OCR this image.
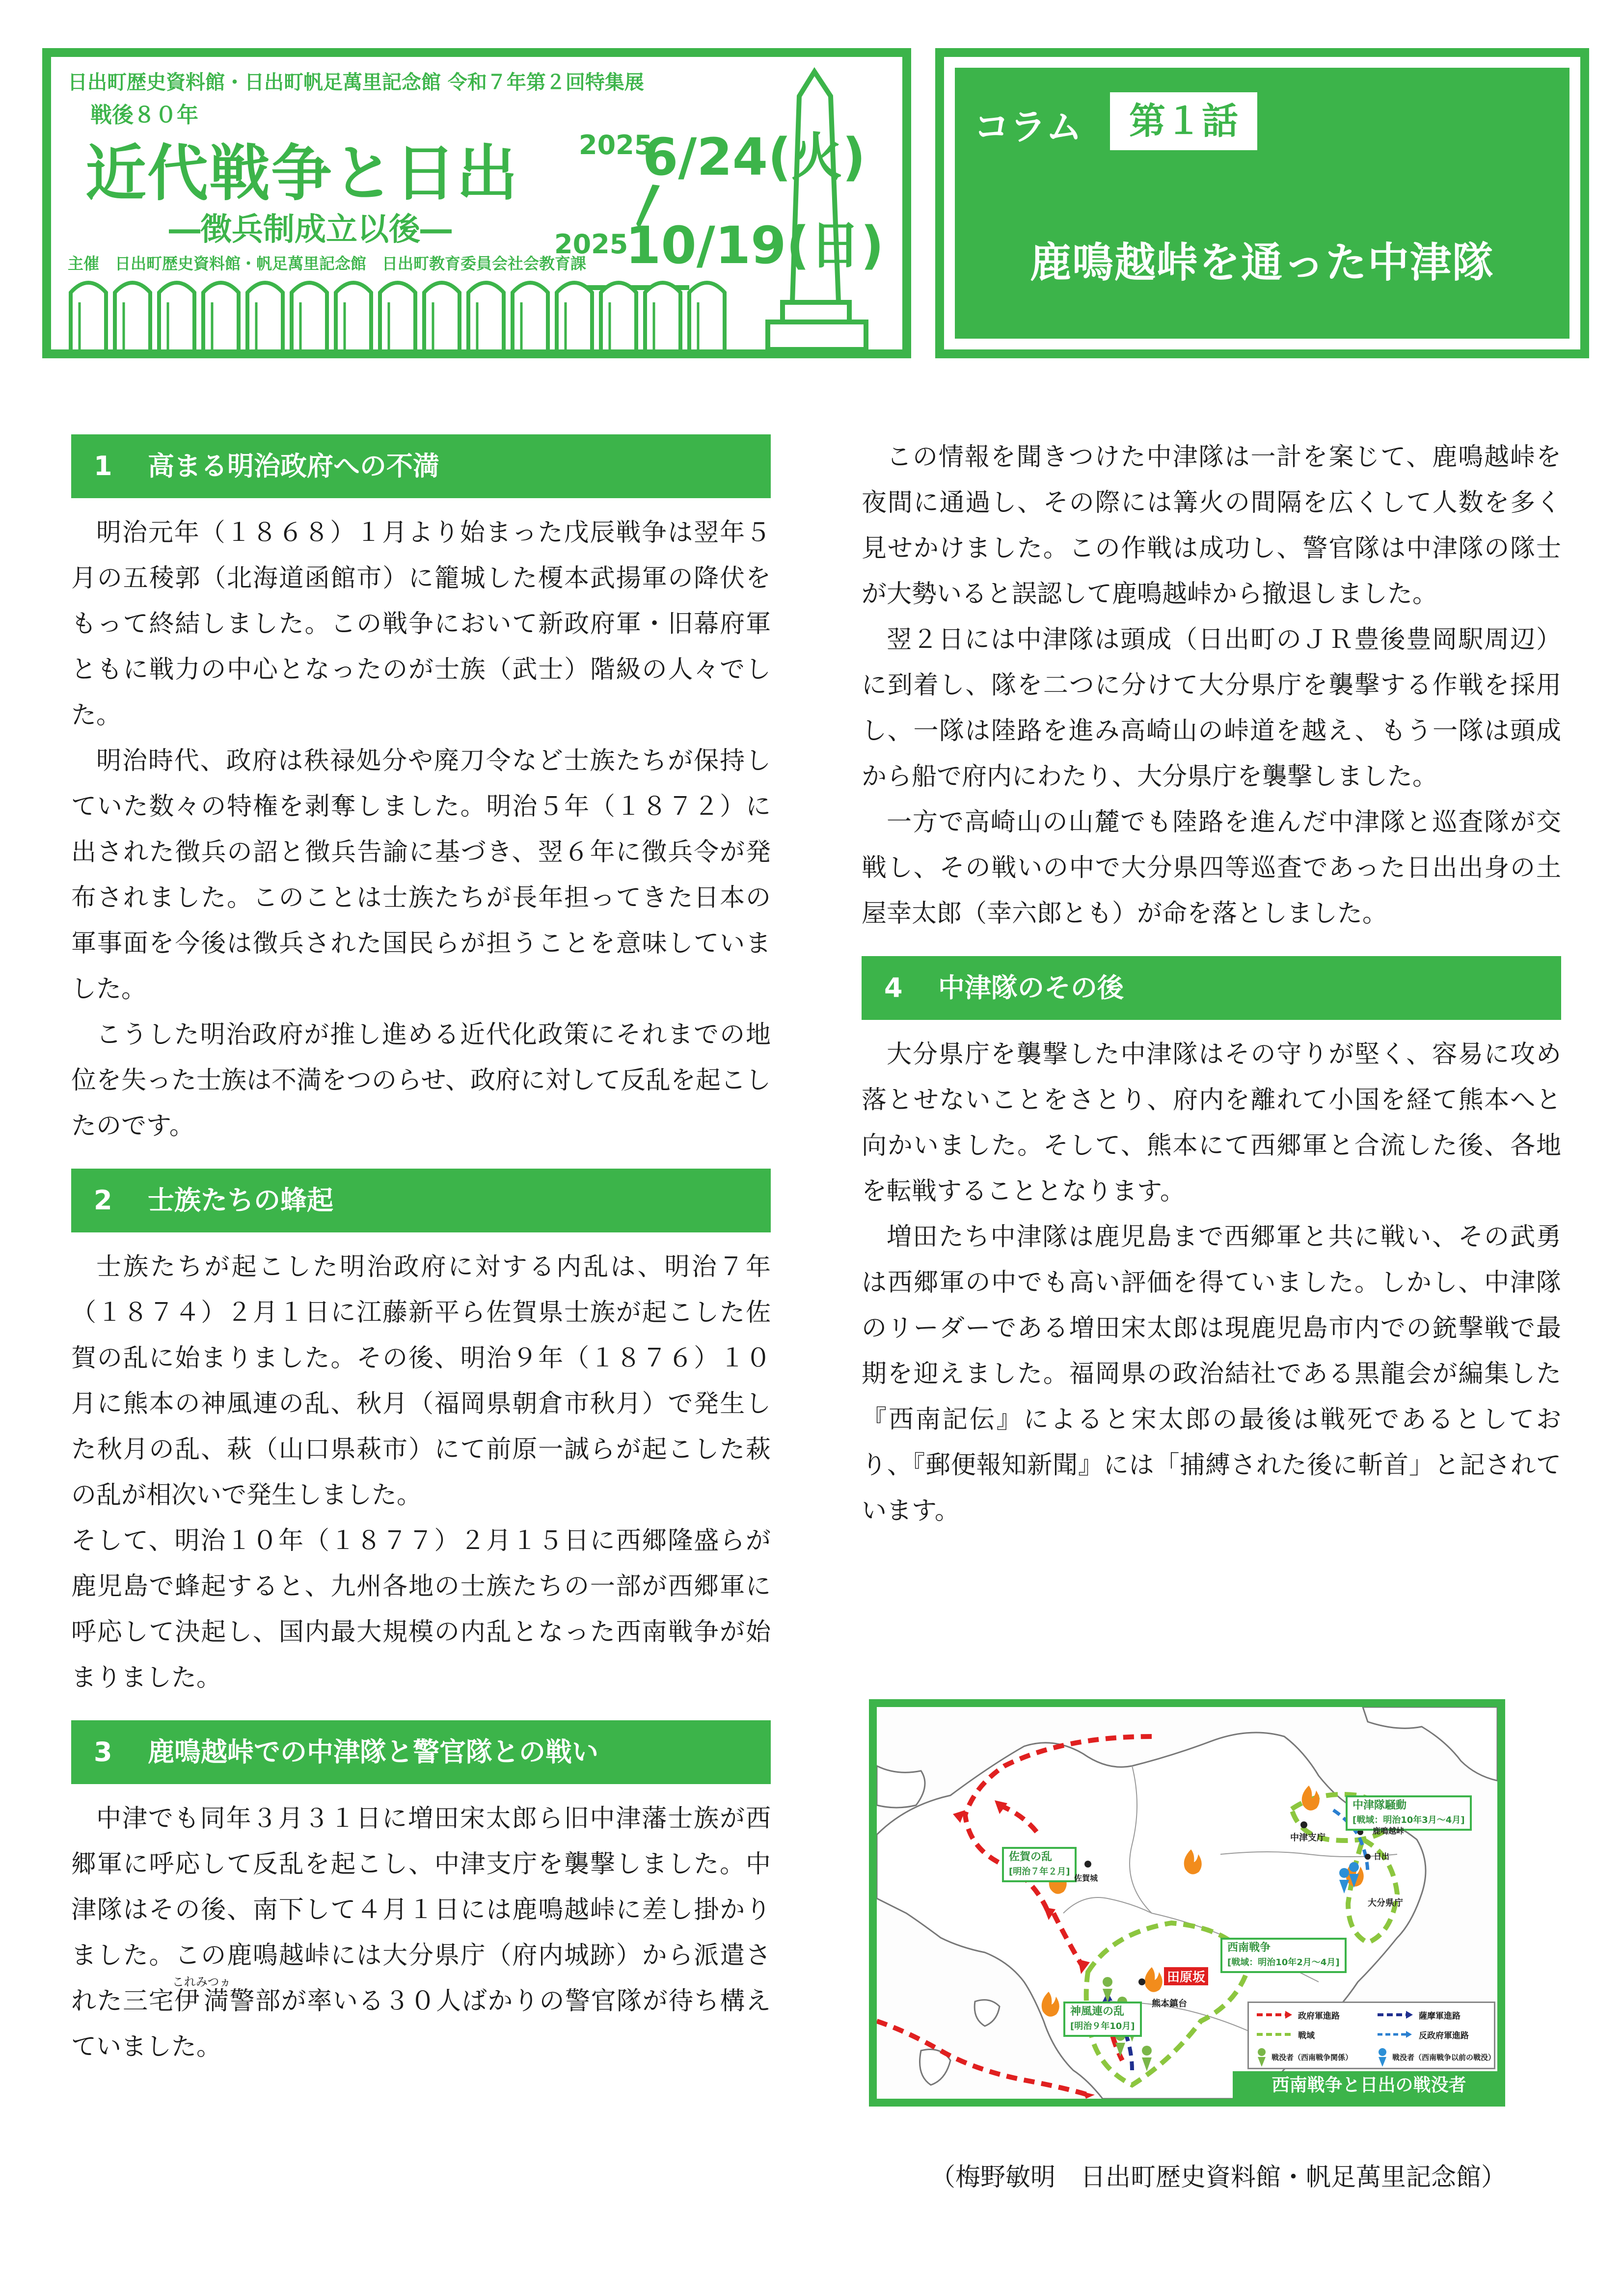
日出町歴史資料館・日出町帆足萬里記念館 令和７年第２回特集展
戦後８０年
近代戦争と日出
―徴兵制成立以後―
主催　日出町歴史資料館・帆足萬里記念館　日出町教育委員会社会教育課
2025
6/24(火)
2025
10/19(日)
コラム	第１話
鹿鳴越峠を通った中津隊
1 高まる明治政府への不満

明治元年（１８６８）１月より始まった戊辰戦争は翌年５月の五稜郭（北海道函館市）に籠城した榎本武揚軍の降伏をもって終結しました。この戦争において新政府軍・旧幕府軍ともに戦力の中心となったのが士族（武士）階級の人々でした。

明治時代、政府は秩禄処分や廃刀令など士族たちが保持していた数々の特権を剥奪しました。明治５年（１８７２）に出された徴兵の詔と徴兵告諭に基づき、翌６年に徴兵令が発布されました。このことは士族たちが長年担ってきた日本の軍事面を今後は徴兵された国民らが担うことを意味していました。

こうした明治政府が推し進める近代化政策にそれまでの地位を失った士族は不満をつのらせ、政府に対して反乱を起こしたのです。

2 士族たちの蜂起

士族たちが起こした明治政府に対する内乱は、明治７年（１８７４）２月１日に江藤新平ら佐賀県士族が起こした佐賀の乱に始まりました。その後、明治９年（１８７６）１０月に熊本の神風連の乱、秋月（福岡県朝倉市秋月）で発生した秋月の乱、萩（山口県萩市）にて前原一誠らが起こした萩の乱が相次いで発生しました。

そして、明治１０年（１８７７）２月１５日に西郷隆盛らが鹿児島で蜂起すると、九州各地の士族たちの一部が西郷軍に呼応して決起し、国内最大規模の内乱となった西南戦争が始まりました。

3 鹿鳴越峠での中津隊と警官隊との戦い

中津でも同年３月３１日に増田宋太郎ら旧中津藩士族が西郷軍に呼応して反乱を起こし、中津支庁を襲撃しました。中津隊はその後、南下して４月１日には鹿鳴越峠に差し掛かりました。この鹿鳴越峠には大分県庁（府内城跡）から派遣された三宅伊満これみつヵ警部が率いる３０人ばかりの警官隊が待ち構えていました。

この情報を聞きつけた中津隊は一計を案じて、鹿鳴越峠を夜間に通過し、その際には篝火の間隔を広くして人数を多く見せかけました。この作戦は成功し、警官隊は中津隊の隊士が大勢いると誤認して鹿鳴越峠から撤退しました。

翌２日には中津隊は頭成（日出町のＪＲ豊後豊岡駅周辺）に到着し、隊を二つに分けて大分県庁を襲撃する作戦を採用し、一隊は陸路を進み高崎山の峠道を越え、もう一隊は頭成から船で府内にわたり、大分県庁を襲撃しました。

一方で高崎山の山麓でも陸路を進んだ中津隊と巡査隊が交戦し、その戦いの中で大分県四等巡査であった日出出身の土屋幸太郎（幸六郎とも）が命を落としました。

4 中津隊のその後

大分県庁を襲撃した中津隊はその守りが堅く、容易に攻め落とせないことをさとり、府内を離れて小国を経て熊本へと向かいました。そして、熊本にて西郷軍と合流した後、各地を転戦することとなります。

増田たち中津隊は鹿児島まで西郷軍と共に戦い、その武勇は西郷軍の中でも高い評価を得ていました。しかし、中津隊のリーダーである増田宋太郎は現鹿児島市内での銃撃戦で最期を迎えました。福岡県の政治結社である黒龍会が編集した『西南記伝』によると宋太郎の最後は戦死であるとしており、『郵便報知新聞』には「捕縛された後に斬首」と記されています。

中津隊騒動
[戦域：明治10年3月～4月]
中津支庁
鹿鳴越峠
日出
大分県庁
佐賀の乱
[明治７年２月]
佐賀城
西南戦争
[戦域：明治10年2月～4月]
田原坂
熊本鎮台
神風連の乱
[明治９年10月]
政府軍進路	薩摩軍進路
戦域	反政府軍進路
戦没者（西南戦争関係）	戦没者（西南戦争以前の戦没）
西南戦争と日出の戦没者
（梅野敏明　日出町歴史資料館・帆足萬里記念館）
